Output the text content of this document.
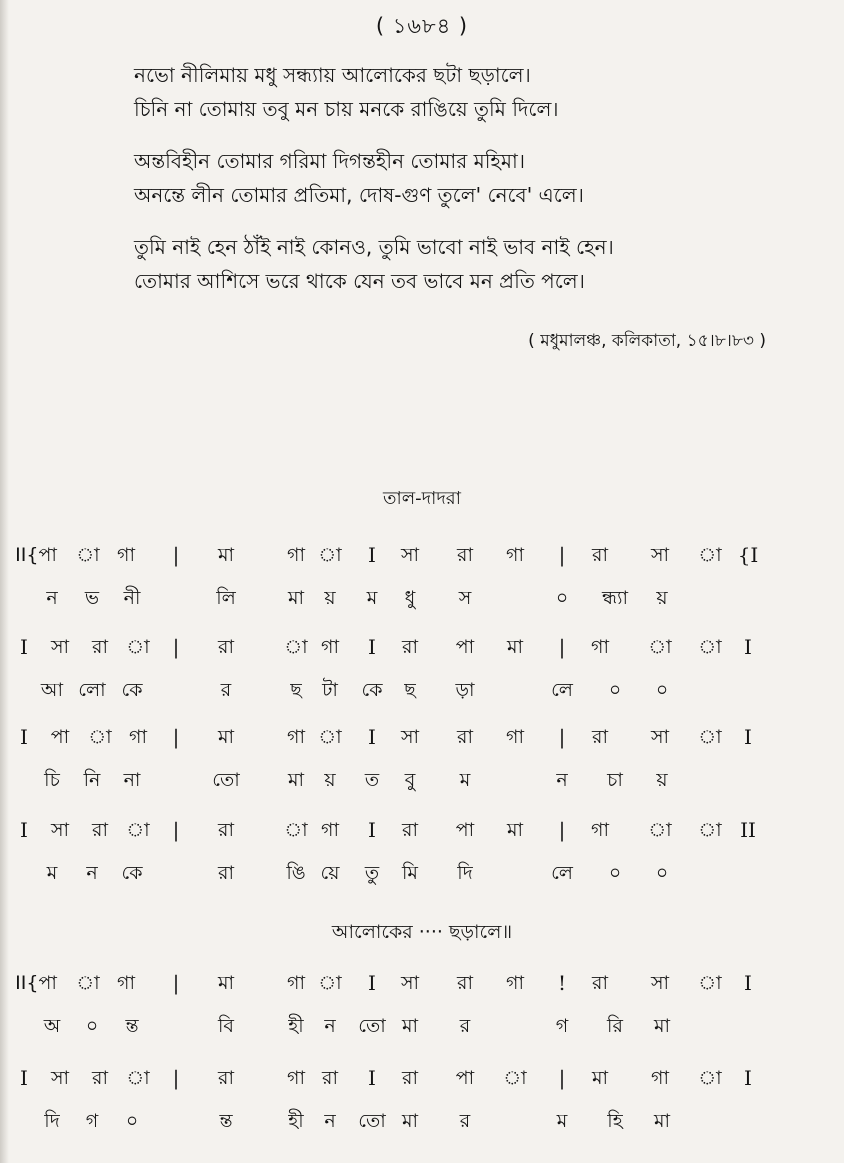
( ১৬৮৪ )
নভো নীলিমায় মধু সন্ধ্যায় আলোকের ছটা ছড়ালে।
চিনি না তোমায় তবু মন চায় মনকে রাঙিয়ে তুমি দিলে।
অন্তবিহীন তোমার গরিমা দিগন্তহীন তোমার মহিমা।
অনন্তে লীন তোমার প্রতিমা, দোষ-গুণ তুলে' নেবে' এলে।
তুমি নাই হেন ঠাঁই নাই কোনও, তুমি ভাবো নাই ভাব নাই হেন।
তোমার আশিসে ভরে থাকে যেন তব ভাবে মন প্রতি পলে।
( মধুমালঞ্চ, কলিকাতা, ১৫।৮।৮৩ )
তাল-দাদরা
II{পা া গা | মা	গা া I সা রা গা | রা সা া {I
ন ভ নী	লি	মা য় ম ধু স	০ ন্ধ্যা য়
I সা রা া | রা	া গা I রা পা মা | গা া া I
আ লো কে	র	ছ টা কে ছ ড়া	লে ০ ০
I পা া গা | মা	গা া I সা রা গা | রা সা া I
চি নি না	তো	মা য় ত বু ম	ন চা য়
I সা রা া | রা	া গা I রা পা মা | গা া া II
ম ন কে	রা	ঙি য়ে তু মি দি	লে ০ ০
আলোকের ···· ছড়ালে॥
II{পা া গা | মা	গা া I সা রা গা ! রা সা া I
অ ০ ন্ত	বি	হী ন তো মা র	গ রি মা
I সা রা া | রা	গা রা I রা পা া | মা গা া I
দি গ ০	ন্ত	হী ন তো মা র	ম হি মা
